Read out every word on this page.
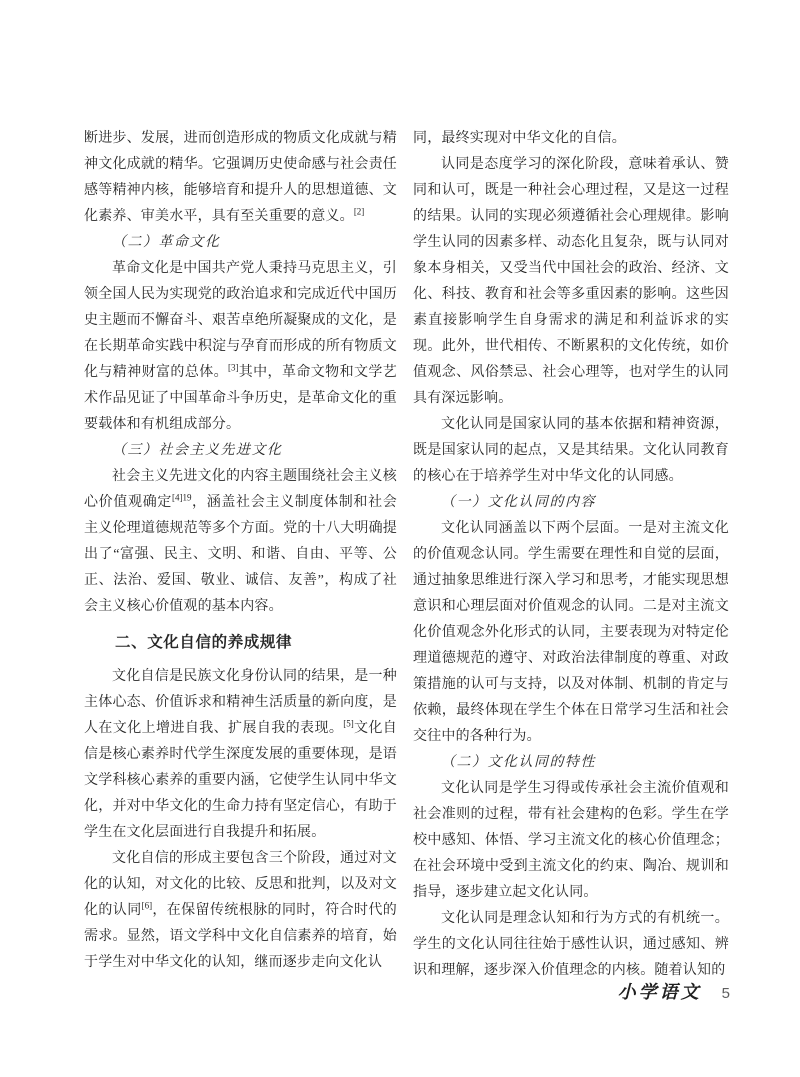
断进步、发展，进而创造形成的物质文化成就与精神文化成就的精华。它强调历史使命感与社会责任感等精神内核，能够培育和提升人的思想道德、文化素养、审美水平，具有至关重要的意义。[2]
（二）革命文化
革命文化是中国共产党人秉持马克思主义，引领全国人民为实现党的政治追求和完成近代中国历史主题而不懈奋斗、艰苦卓绝所凝聚成的文化，是在长期革命实践中积淀与孕育而形成的所有物质文化与精神财富的总体。[3]其中，革命文物和文学艺术作品见证了中国革命斗争历史，是革命文化的重要载体和有机组成部分。
（三）社会主义先进文化
社会主义先进文化的内容主题围绕社会主义核心价值观确定$^{[4]19}$，涵盖社会主义制度体制和社会主义伦理道德规范等多个方面。党的十八大明确提出了“富强、民主、文明、和谐、自由、平等、公正、法治、爱国、敬业、诚信、友善”，构成了社会主义核心价值观的基本内容。
二、文化自信的养成规律
文化自信是民族文化身份认同的结果，是一种主体心态、价值诉求和精神生活质量的新向度，是人在文化上增进自我、扩展自我的表现。[5]文化自信是核心素养时代学生深度发展的重要体现，是语文学科核心素养的重要内涵，它使学生认同中华文化，并对中华文化的生命力持有坚定信心，有助于学生在文化层面进行自我提升和拓展。
文化自信的形成主要包含三个阶段，通过对文化的认知，对文化的比较、反思和批判，以及对文化的认同[6]，在保留传统根脉的同时，符合时代的需求。显然，语文学科中文化自信素养的培育，始于学生对中华文化的认知，继而逐步走向文化认
同，最终实现对中华文化的自信。
认同是态度学习的深化阶段，意味着承认、赞同和认可，既是一种社会心理过程，又是这一过程的结果。认同的实现必须遵循社会心理规律。影响学生认同的因素多样、动态化且复杂，既与认同对象本身相关，又受当代中国社会的政治、经济、文化、科技、教育和社会等多重因素的影响。这些因素直接影响学生自身需求的满足和利益诉求的实现。此外，世代相传、不断累积的文化传统，如价值观念、风俗禁忌、社会心理等，也对学生的认同具有深远影响。
文化认同是国家认同的基本依据和精神资源，既是国家认同的起点，又是其结果。文化认同教育的核心在于培养学生对中华文化的认同感。
（一）文化认同的内容
文化认同涵盖以下两个层面。一是对主流文化的价值观念认同。学生需要在理性和自觉的层面，通过抽象思维进行深入学习和思考，才能实现思想意识和心理层面对价值观念的认同。二是对主流文化价值观念外化形式的认同，主要表现为对特定伦理道德规范的遵守、对政治法律制度的尊重、对政策措施的认可与支持，以及对体制、机制的肯定与依赖，最终体现在学生个体在日常学习生活和社会交往中的各种行为。
（二）文化认同的特性
文化认同是学生习得或传承社会主流价值观和社会准则的过程，带有社会建构的色彩。学生在学校中感知、体悟、学习主流文化的核心价值理念；在社会环境中受到主流文化的约束、陶冶、规训和指导，逐步建立起文化认同。
文化认同是理念认知和行为方式的有机统一。学生的文化认同往往始于感性认识，通过感知、辨识和理解，逐步深入价值理念的内核。随着认知的
小学语文 5
